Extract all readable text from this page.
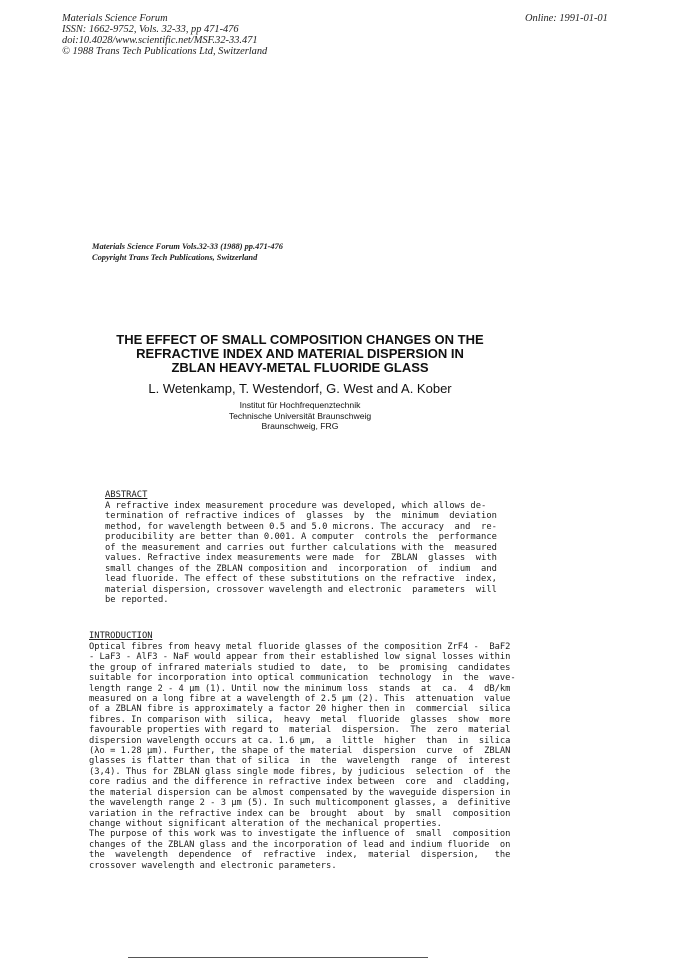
Materials Science Forum
ISSN: 1662-9752, Vols. 32-33, pp 471-476
doi:10.4028/www.scientific.net/MSF.32-33.471
© 1988 Trans Tech Publications Ltd, Switzerland
Online: 1991-01-01
Materials Science Forum Vols.32-33 (1988) pp.471-476
Copyright Trans Tech Publications, Switzerland
THE EFFECT OF SMALL COMPOSITION CHANGES ON THE
REFRACTIVE INDEX AND MATERIAL DISPERSION IN
ZBLAN HEAVY-METAL FLUORIDE GLASS
L. Wetenkamp, T. Westendorf, G. West and A. Kober
Institut für Hochfrequenztechnik
Technische Universität Braunschweig
Braunschweig, FRG
ABSTRACT
A refractive index measurement procedure was developed, which allows de-
termination of refractive indices of  glasses  by  the  minimum  deviation
method, for wavelength between 0.5 and 5.0 microns. The accuracy  and  re-
producibility are better than 0.001. A computer  controls the  performance
of the measurement and carries out further calculations with the  measured
values. Refractive index measurements were made  for  ZBLAN  glasses  with
small changes of the ZBLAN composition and  incorporation  of  indium  and
lead fluoride. The effect of these substitutions on the refractive  index,
material dispersion, crossover wavelength and electronic  parameters  will
be reported.
INTRODUCTION
Optical fibres from heavy metal fluoride glasses of the composition ZrF4 -  BaF2
- LaF3 - AlF3 - NaF would appear from their established low signal losses within
the group of infrared materials studied to  date,  to  be  promising  candidates
suitable for incorporation into optical communication  technology  in  the  wave-
length range 2 - 4 µm (1). Until now the minimum loss  stands  at  ca.  4  dB/km
measured on a long fibre at a wavelength of 2.5 µm (2). This  attenuation  value
of a ZBLAN fibre is approximately a factor 20 higher then in  commercial  silica
fibres. In comparison with  silica,  heavy  metal  fluoride  glasses  show  more
favourable properties with regard to  material  dispersion.  The  zero  material
dispersion wavelength occurs at ca. 1.6 µm,  a  little  higher  than  in  silica
(λo = 1.28 µm). Further, the shape of the material  dispersion  curve  of  ZBLAN
glasses is flatter than that of silica  in  the  wavelength  range  of  interest
(3,4). Thus for ZBLAN glass single mode fibres, by judicious  selection  of  the
core radius and the difference in refractive index between  core  and  cladding,
the material dispersion can be almost compensated by the waveguide dispersion in
the wavelength range 2 - 3 µm (5). In such multicomponent glasses, a  definitive
variation in the refractive index can be  brought  about  by  small  composition
change without significant alteration of the mechanical properties.
The purpose of this work was to investigate the influence of  small  composition
changes of the ZBLAN glass and the incorporation of lead and indium fluoride  on
the  wavelength  dependence  of  refractive  index,  material  dispersion,   the
crossover wavelength and electronic parameters.
